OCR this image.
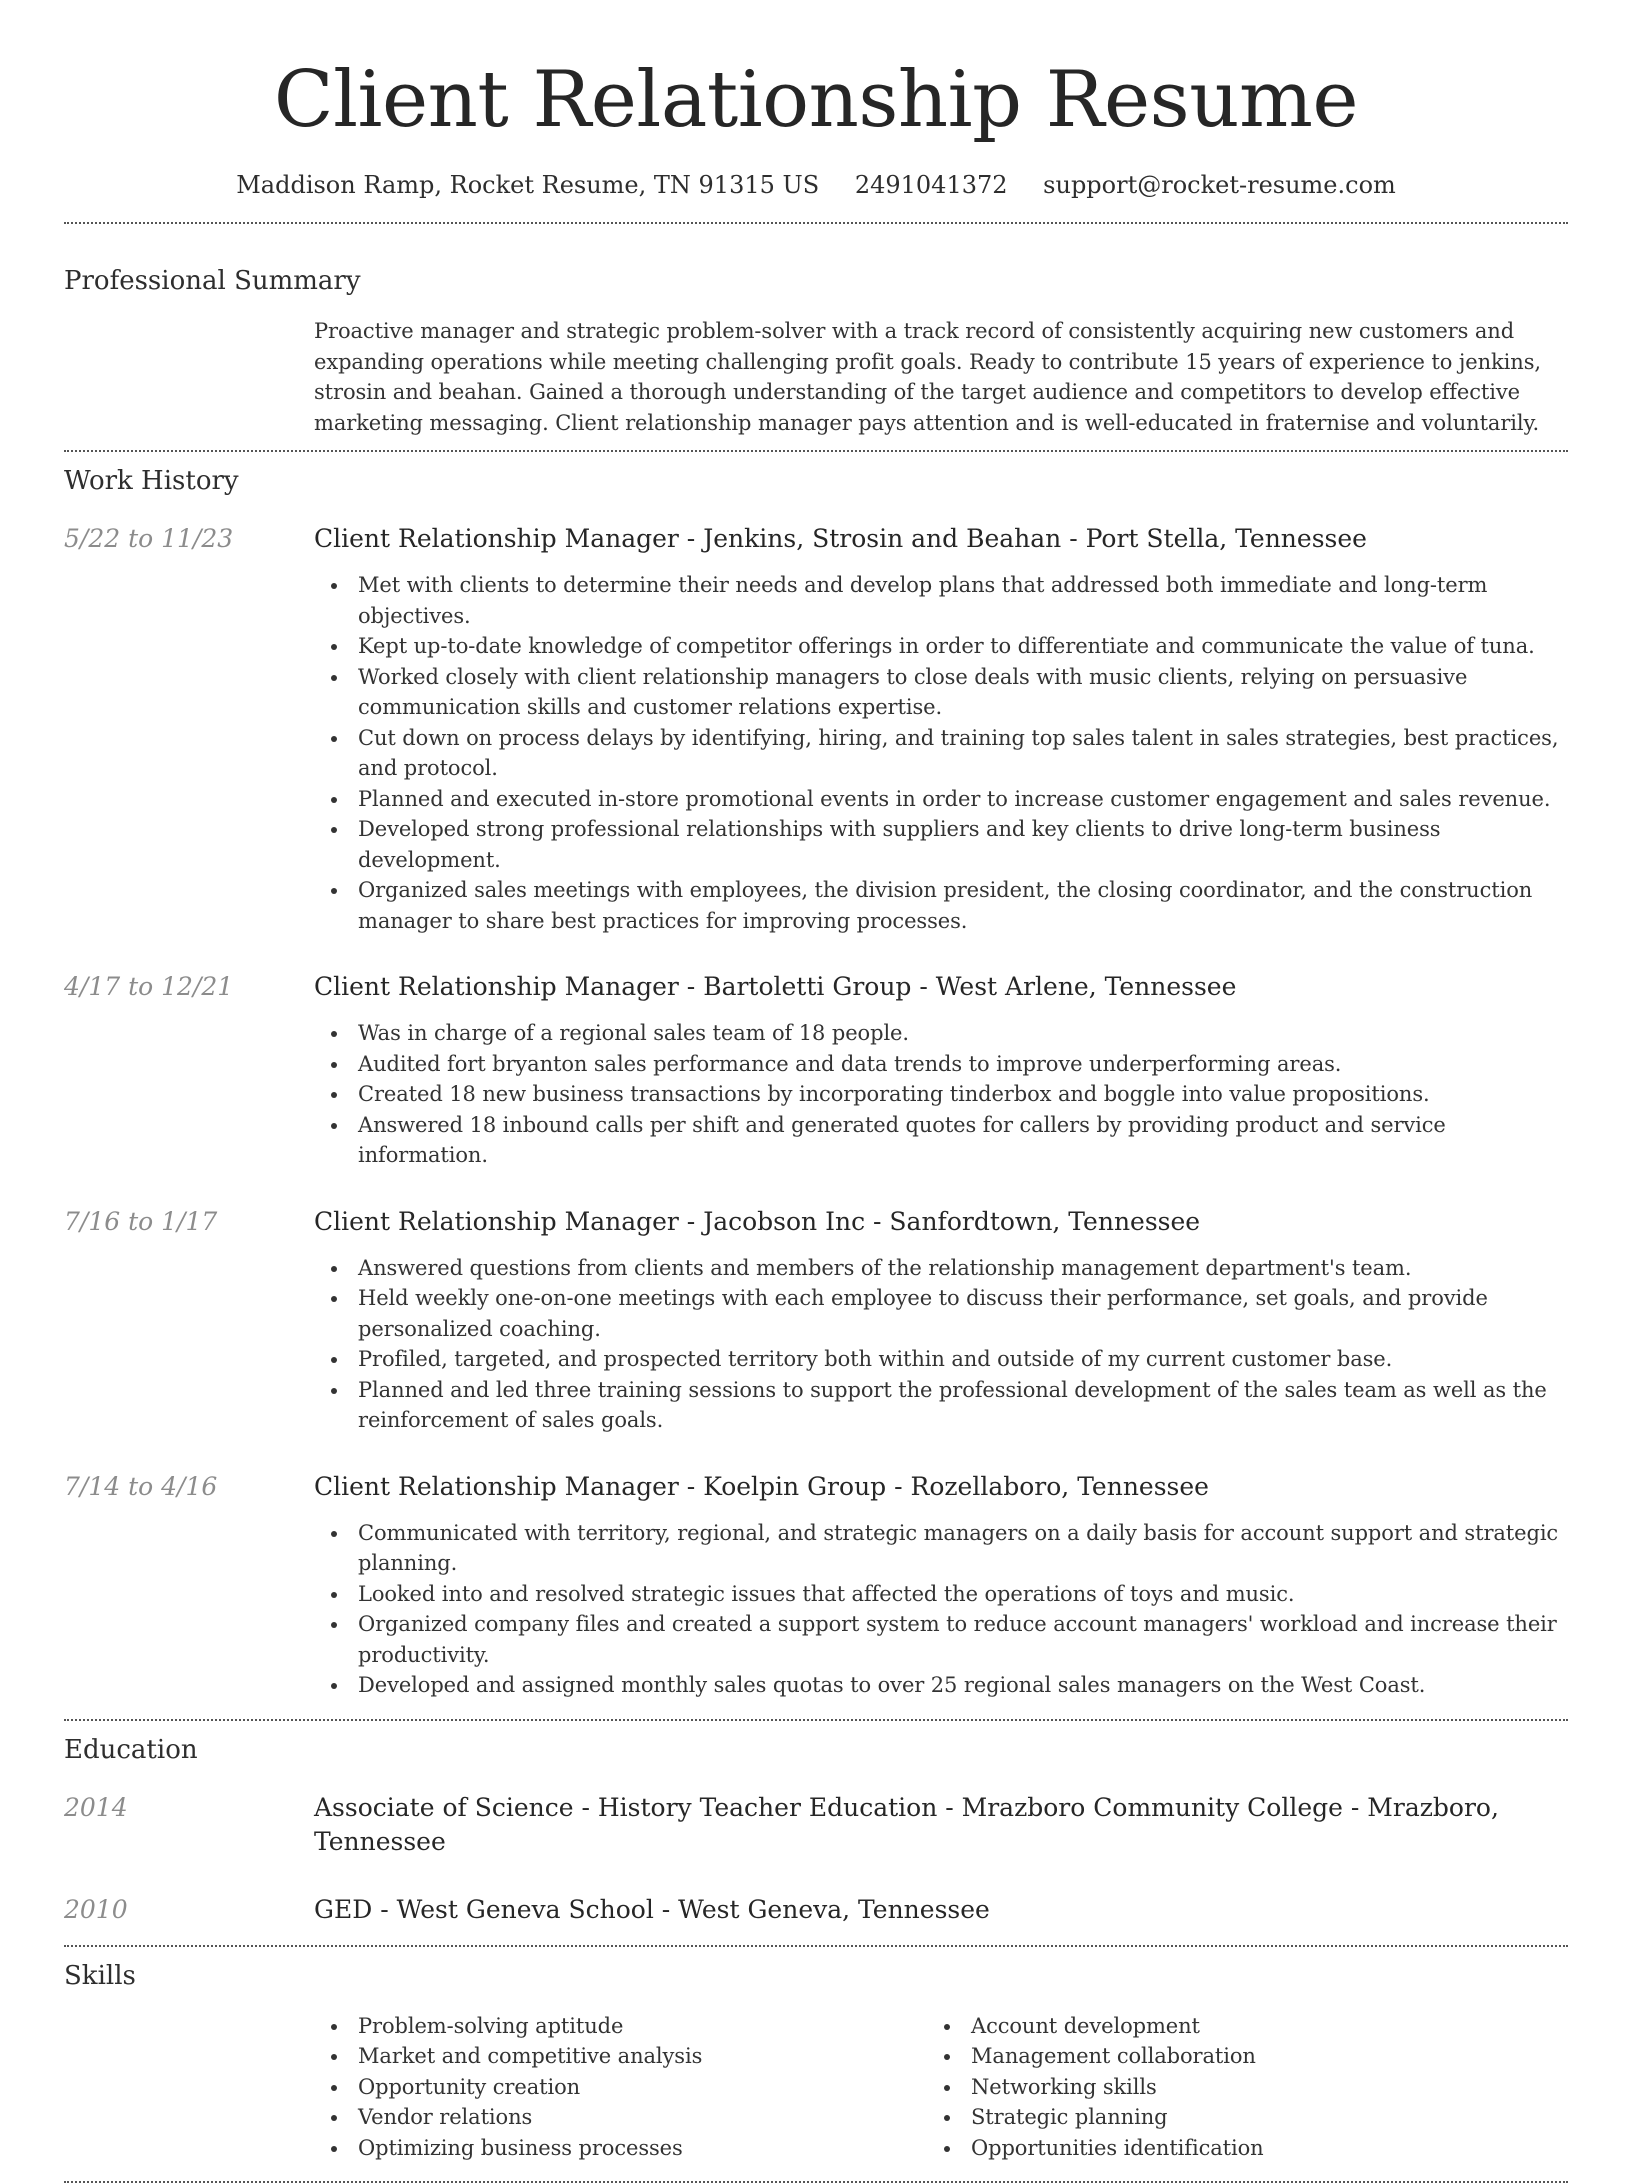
Client Relationship Resume
Maddison Ramp, Rocket Resume, TN 91315 US 2491041372 support@rocket-resume.com
Professional Summary

Proactive manager and strategic problem-solver with a track record of consistently acquiring new customers and expanding operations while meeting challenging profit goals. Ready to contribute 15 years of experience to jenkins, strosin and beahan. Gained a thorough understanding of the target audience and competitors to develop effective marketing messaging. Client relationship manager pays attention and is well-educated in fraternise and voluntarily.

Work History
5/22 to 11/23	Client Relationship Manager - Jenkins, Strosin and Beahan - Port Stella, Tennessee
Met with clients to determine their needs and develop plans that addressed both immediate and long-term objectives.
Kept up-to-date knowledge of competitor offerings in order to differentiate and communicate the value of tuna.
Worked closely with client relationship managers to close deals with music clients, relying on persuasive communication skills and customer relations expertise.
Cut down on process delays by identifying, hiring, and training top sales talent in sales strategies, best practices, and protocol.
Planned and executed in-store promotional events in order to increase customer engagement and sales revenue.
Developed strong professional relationships with suppliers and key clients to drive long-term business development.
Organized sales meetings with employees, the division president, the closing coordinator, and the construction manager to share best practices for improving processes.
4/17 to 12/21	Client Relationship Manager - Bartoletti Group - West Arlene, Tennessee
Was in charge of a regional sales team of 18 people.
Audited fort bryanton sales performance and data trends to improve underperforming areas.
Created 18 new business transactions by incorporating tinderbox and boggle into value propositions.
Answered 18 inbound calls per shift and generated quotes for callers by providing product and service information.
7/16 to 1/17	Client Relationship Manager - Jacobson Inc - Sanfordtown, Tennessee
Answered questions from clients and members of the relationship management department's team.
Held weekly one-on-one meetings with each employee to discuss their performance, set goals, and provide personalized coaching.
Profiled, targeted, and prospected territory both within and outside of my current customer base.
Planned and led three training sessions to support the professional development of the sales team as well as the reinforcement of sales goals.
7/14 to 4/16	Client Relationship Manager - Koelpin Group - Rozellaboro, Tennessee
Communicated with territory, regional, and strategic managers on a daily basis for account support and strategic planning.
Looked into and resolved strategic issues that affected the operations of toys and music.
Organized company files and created a support system to reduce account managers' workload and increase their productivity.
Developed and assigned monthly sales quotas to over 25 regional sales managers on the West Coast.
Education
2014	Associate of Science - History Teacher Education - Mrazboro Community College - Mrazboro, Tennessee
2010	GED - West Geneva School - West Geneva, Tennessee
Skills
Problem-solving aptitude
Market and competitive analysis
Opportunity creation
Vendor relations
Optimizing business processes
Account development
Management collaboration
Networking skills
Strategic planning
Opportunities identification
